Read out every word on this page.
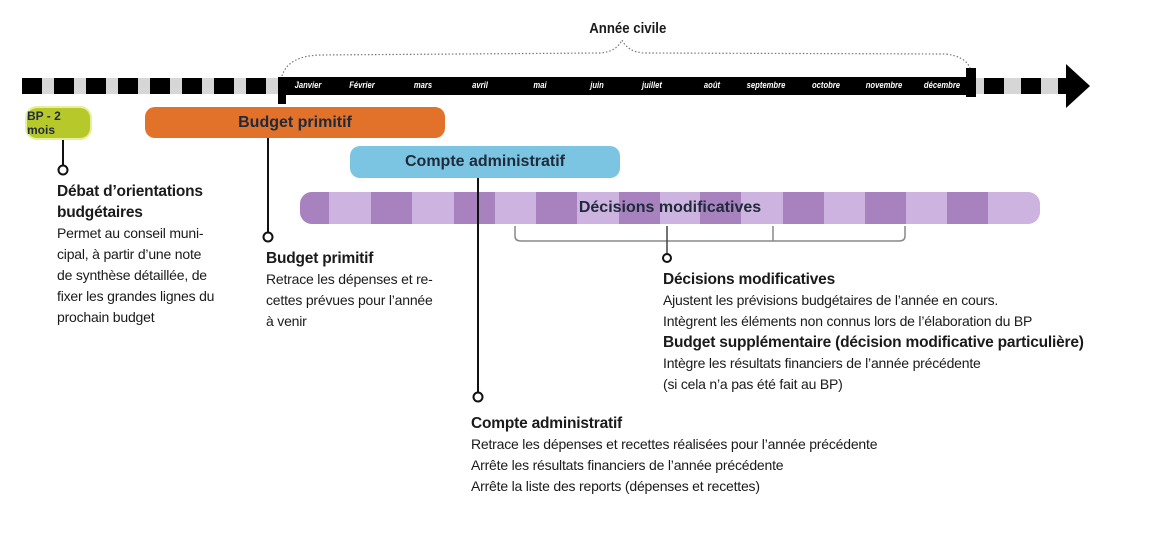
Année civile
Janvier	Février	mars	avril	mai	juin	juillet	août	septembre	octobre	novembre décembre
BP - 2 mois	Budget primitif
Compte administratif
Décisions modificatives
Débat d’orientations
budgétaires
Permet au conseil muni-
cipal, à partir d’une note
de synthèse détaillée, de
fixer les grandes lignes du
prochain budget
Budget primitif
Retrace les dépenses et re-
cettes prévues pour l’année
à venir
Décisions modificatives
Ajustent les prévisions budgétaires de l’année en cours.
Intègrent les éléments non connus lors de l’élaboration du BP
Budget supplémentaire (décision modificative particulière)
Intègre les résultats financiers de l’année précédente
(si cela n’a pas été fait au BP)
Compte administratif
Retrace les dépenses et recettes réalisées pour l’année précédente
Arrête les résultats financiers de l’année précédente
Arrête la liste des reports (dépenses et recettes)
